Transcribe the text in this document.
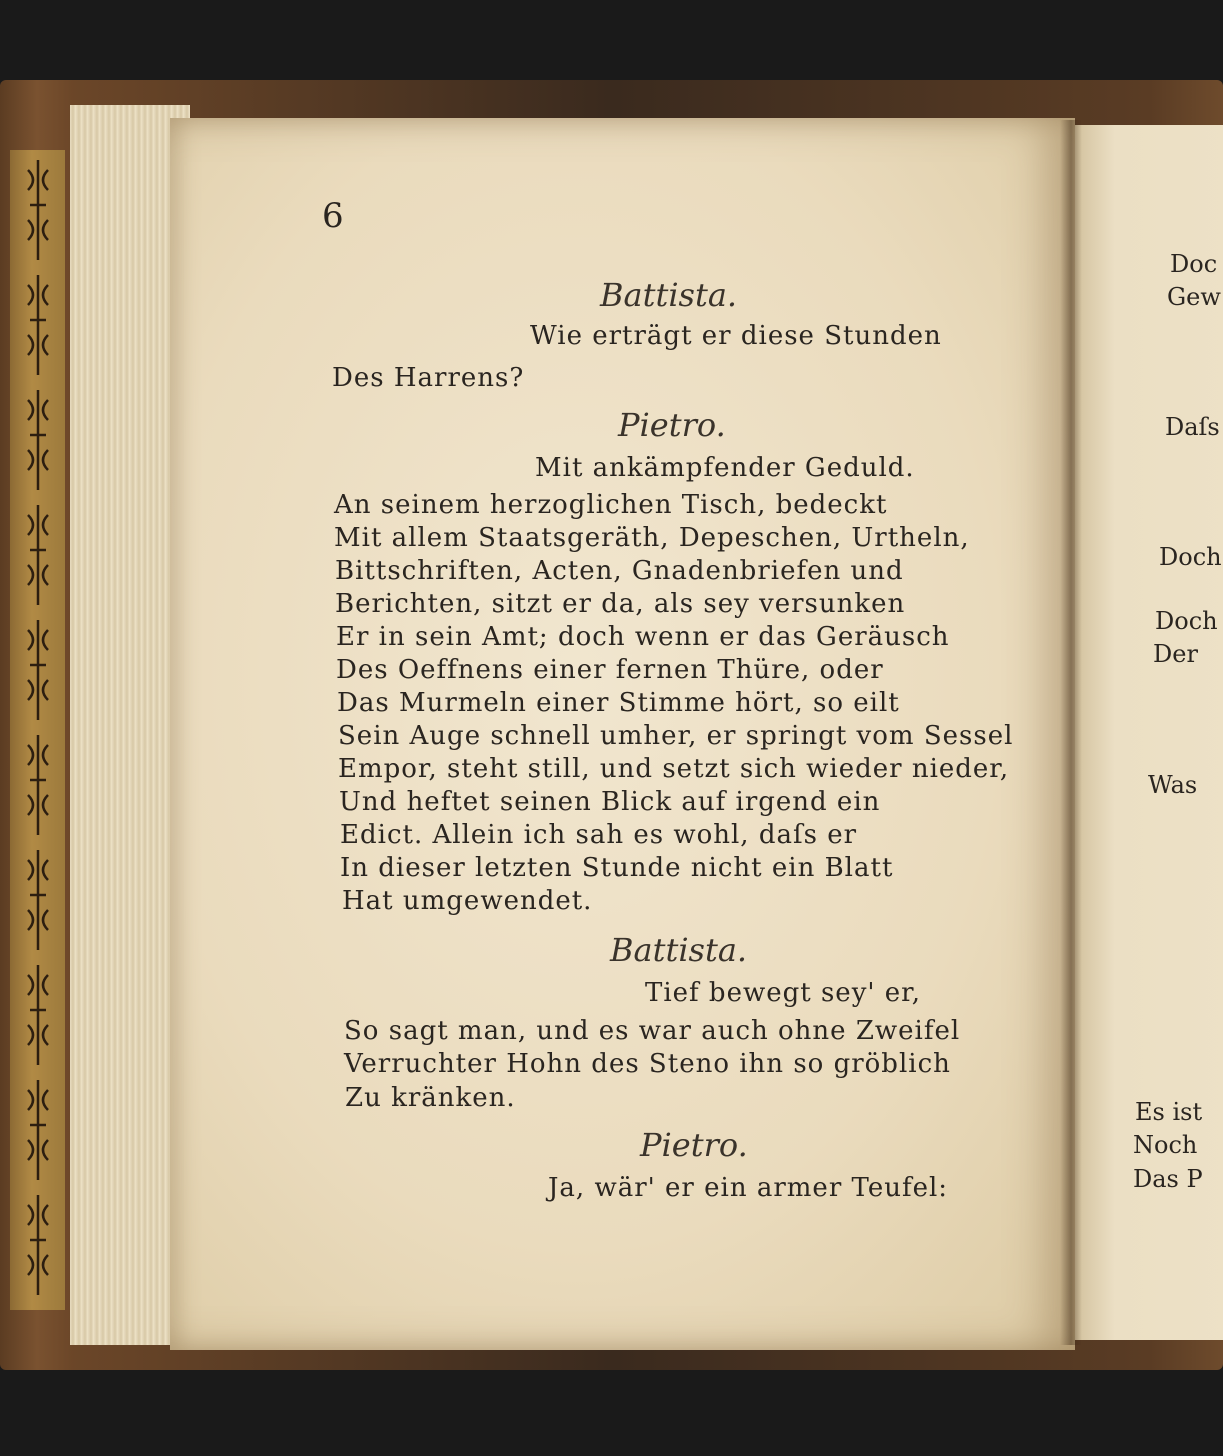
Doc
Gew
Daſs
Doch
Doch
Der
Was
Es ist
Noch
Das P
6
Battista.
Wie erträgt er diese Stunden
Des Harrens?
Pietro.
Mit ankämpfender Geduld.
An seinem herzoglichen Tisch, bedeckt
Mit allem Staatsgeräth, Depeschen, Urtheln,
Bittschriften, Acten, Gnadenbriefen und
Berichten, sitzt er da, als sey versunken
Er in sein Amt; doch wenn er das Geräusch
Des Oeffnens einer fernen Thüre, oder
Das Murmeln einer Stimme hört, so eilt
Sein Auge schnell umher, er springt vom Sessel
Empor, steht still, und setzt sich wieder nieder,
Und heftet seinen Blick auf irgend ein
Edict. Allein ich sah es wohl, daſs er
In dieser letzten Stunde nicht ein Blatt
Hat umgewendet.
Battista.
Tief bewegt sey' er,
So sagt man, und es war auch ohne Zweifel
Verruchter Hohn des Steno ihn so gröblich
Zu kränken.
Pietro.
Ja, wär' er ein armer Teufel:
